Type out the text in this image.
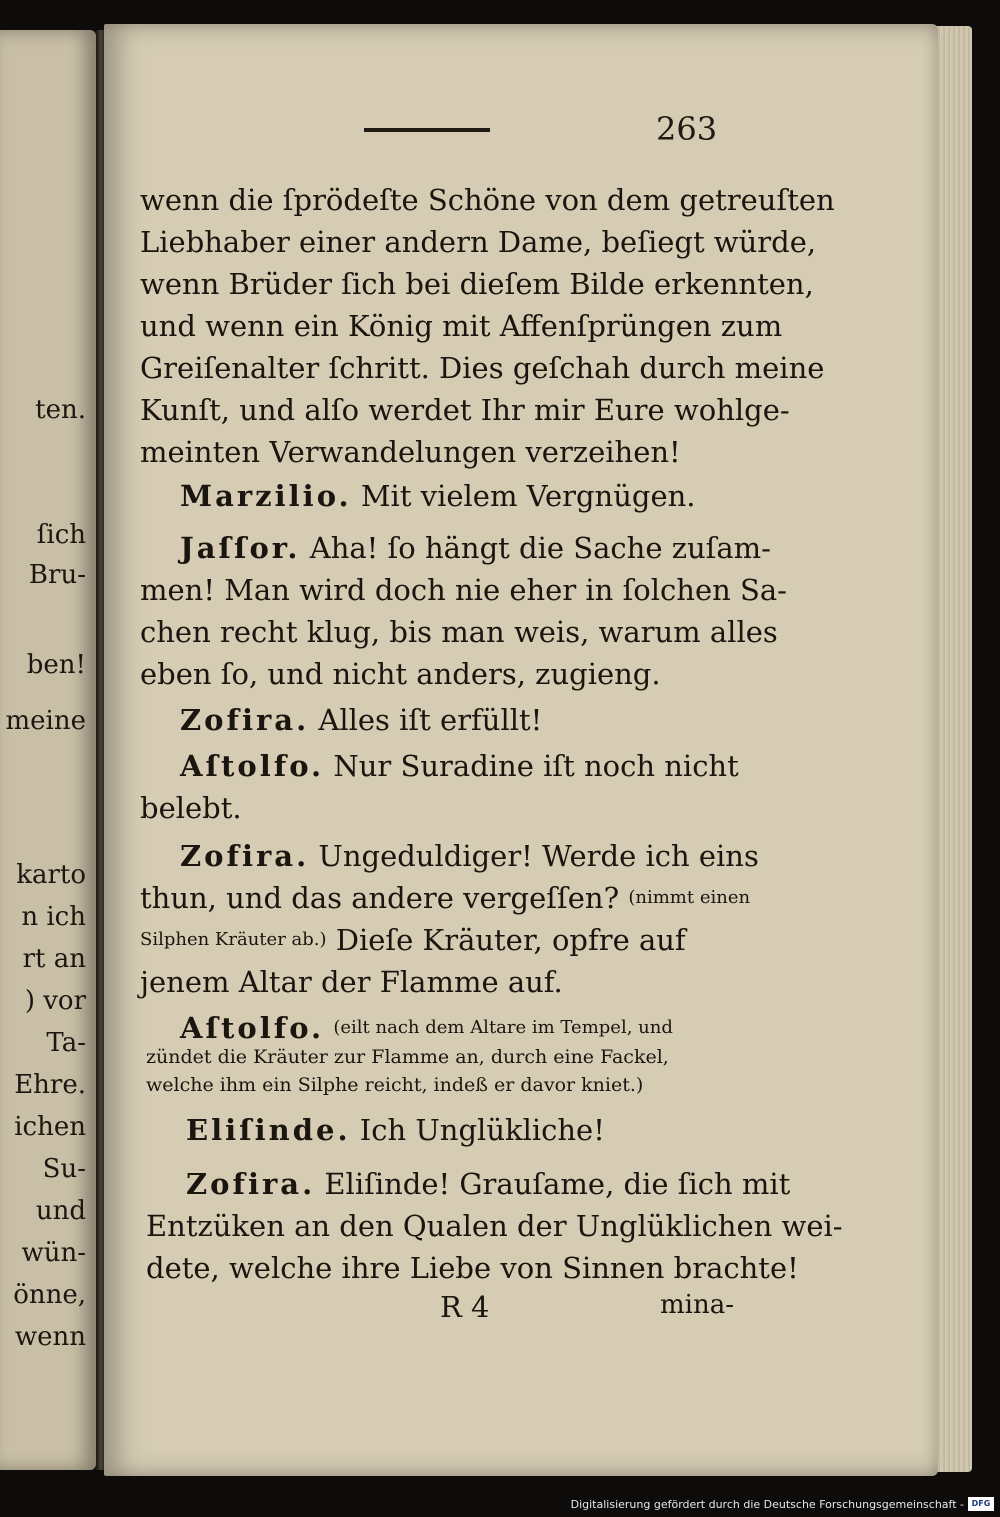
ten.
ſich
Bru-
ben!
meine
karto
n ich
rt an
) vor
Ta-
Ehre.
ichen
Su-
und
wün-
önne,
wenn
263
wenn die ſprödeſte Schöne von dem getreuſten
Liebhaber einer andern Dame, beſiegt würde,
wenn Brüder ſich bei dieſem Bilde erkennten,
und wenn ein König mit Affenſprüngen zum
Greiſenalter ſchritt. Dies geſchah durch meine
Kunſt, und alſo werdet Ihr mir Eure wohlge-
meinten Verwandelungen verzeihen!
Marzilio.
Mit vielem Vergnügen.
Jaſſor.
Aha! ſo hängt die Sache zuſam-
men! Man wird doch nie eher in ſolchen Sa-
chen recht klug, bis man weis, warum alles
eben ſo, und nicht anders, zugieng.
Zofira.
Alles iſt erfüllt!
Aſtolfo.
Nur Suradine iſt noch nicht
belebt.
Zofira.
Ungeduldiger! Werde ich eins
thun, und das andere vergeſſen?
(nimmt einen
Silphen Kräuter ab.)
Dieſe Kräuter, opfre auf
jenem Altar der Flamme auf.
Aſtolfo.
(eilt nach dem Altare im Tempel, und
zündet die Kräuter zur Flamme an, durch eine Fackel,
welche ihm ein Silphe reicht, indeß er davor kniet.)
Eliſinde.
Ich Unglükliche!
Zofira.
Eliſinde! Grauſame, die ſich mit
Entzüken an den Qualen der Unglüklichen wei-
dete, welche ihre Liebe von Sinnen brachte!
R 4	mina-
Digitalisierung gefördert durch die Deutsche Forschungsgemeinschaft - DFG
